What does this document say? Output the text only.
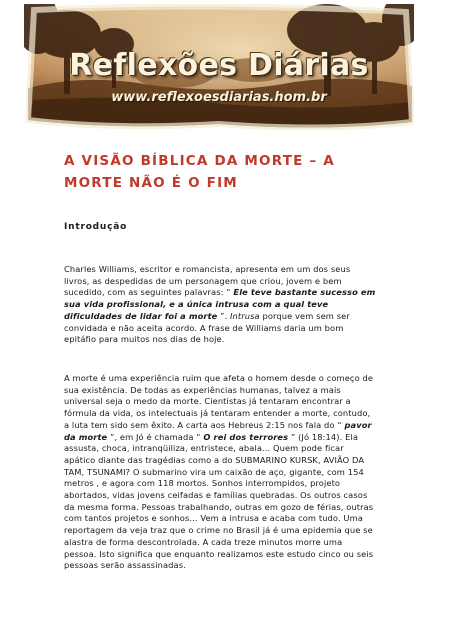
Reflexões Diárias
www.reflexoesdiarias.hom.br
A VISÃO BÍBLICA DA MORTE – A MORTE NÃO É O FIM
Introdução

Charles Williams, escritor e romancista, apresenta em um dos seus livros, as despedidas de um personagem que criou, jovem e bem sucedido, com as seguintes palavras: “ Ele teve bastante sucesso em sua vida profissional, e a única intrusa com a qual teve dificuldades de lidar foi a morte ”. Intrusa porque vem sem ser convidada e não aceita acordo. A frase de Williams daria um bom epitáfio para muitos nos dias de hoje.

A morte é uma experiência ruim que afeta o homem desde o começo de sua existência. De todas as experiências humanas, talvez a mais universal seja o medo da morte. Cientistas já tentaram encontrar a fórmula da vida, os intelectuais já tentaram entender a morte, contudo, a luta tem sido sem êxito. A carta aos Hebreus 2:15 nos fala do “ pavor da morte ”, em Jó é chamada “ O rei dos terrores ” (Jó 18:14). Ela assusta, choca, intranqüiliza, entristece, abala... Quem pode ficar apático diante das tragédias como a do SUBMARINO KURSK, AVIÃO DA TAM, TSUNAMI? O submarino vira um caixão de aço, gigante, com 154 metros , e agora com 118 mortos. Sonhos interrompidos, projeto abortados, vidas jovens ceifadas e famílias quebradas. Os outros casos da mesma forma. Pessoas trabalhando, outras em gozo de férias, outras com tantos projetos e sonhos... Vem a intrusa e acaba com tudo. Uma reportagem da veja traz que o crime no Brasil já é uma epidemia que se alastra de forma descontrolada. A cada treze minutos morre uma pessoa. Isto significa que enquanto realizamos este estudo cinco ou seis pessoas serão assassinadas.
